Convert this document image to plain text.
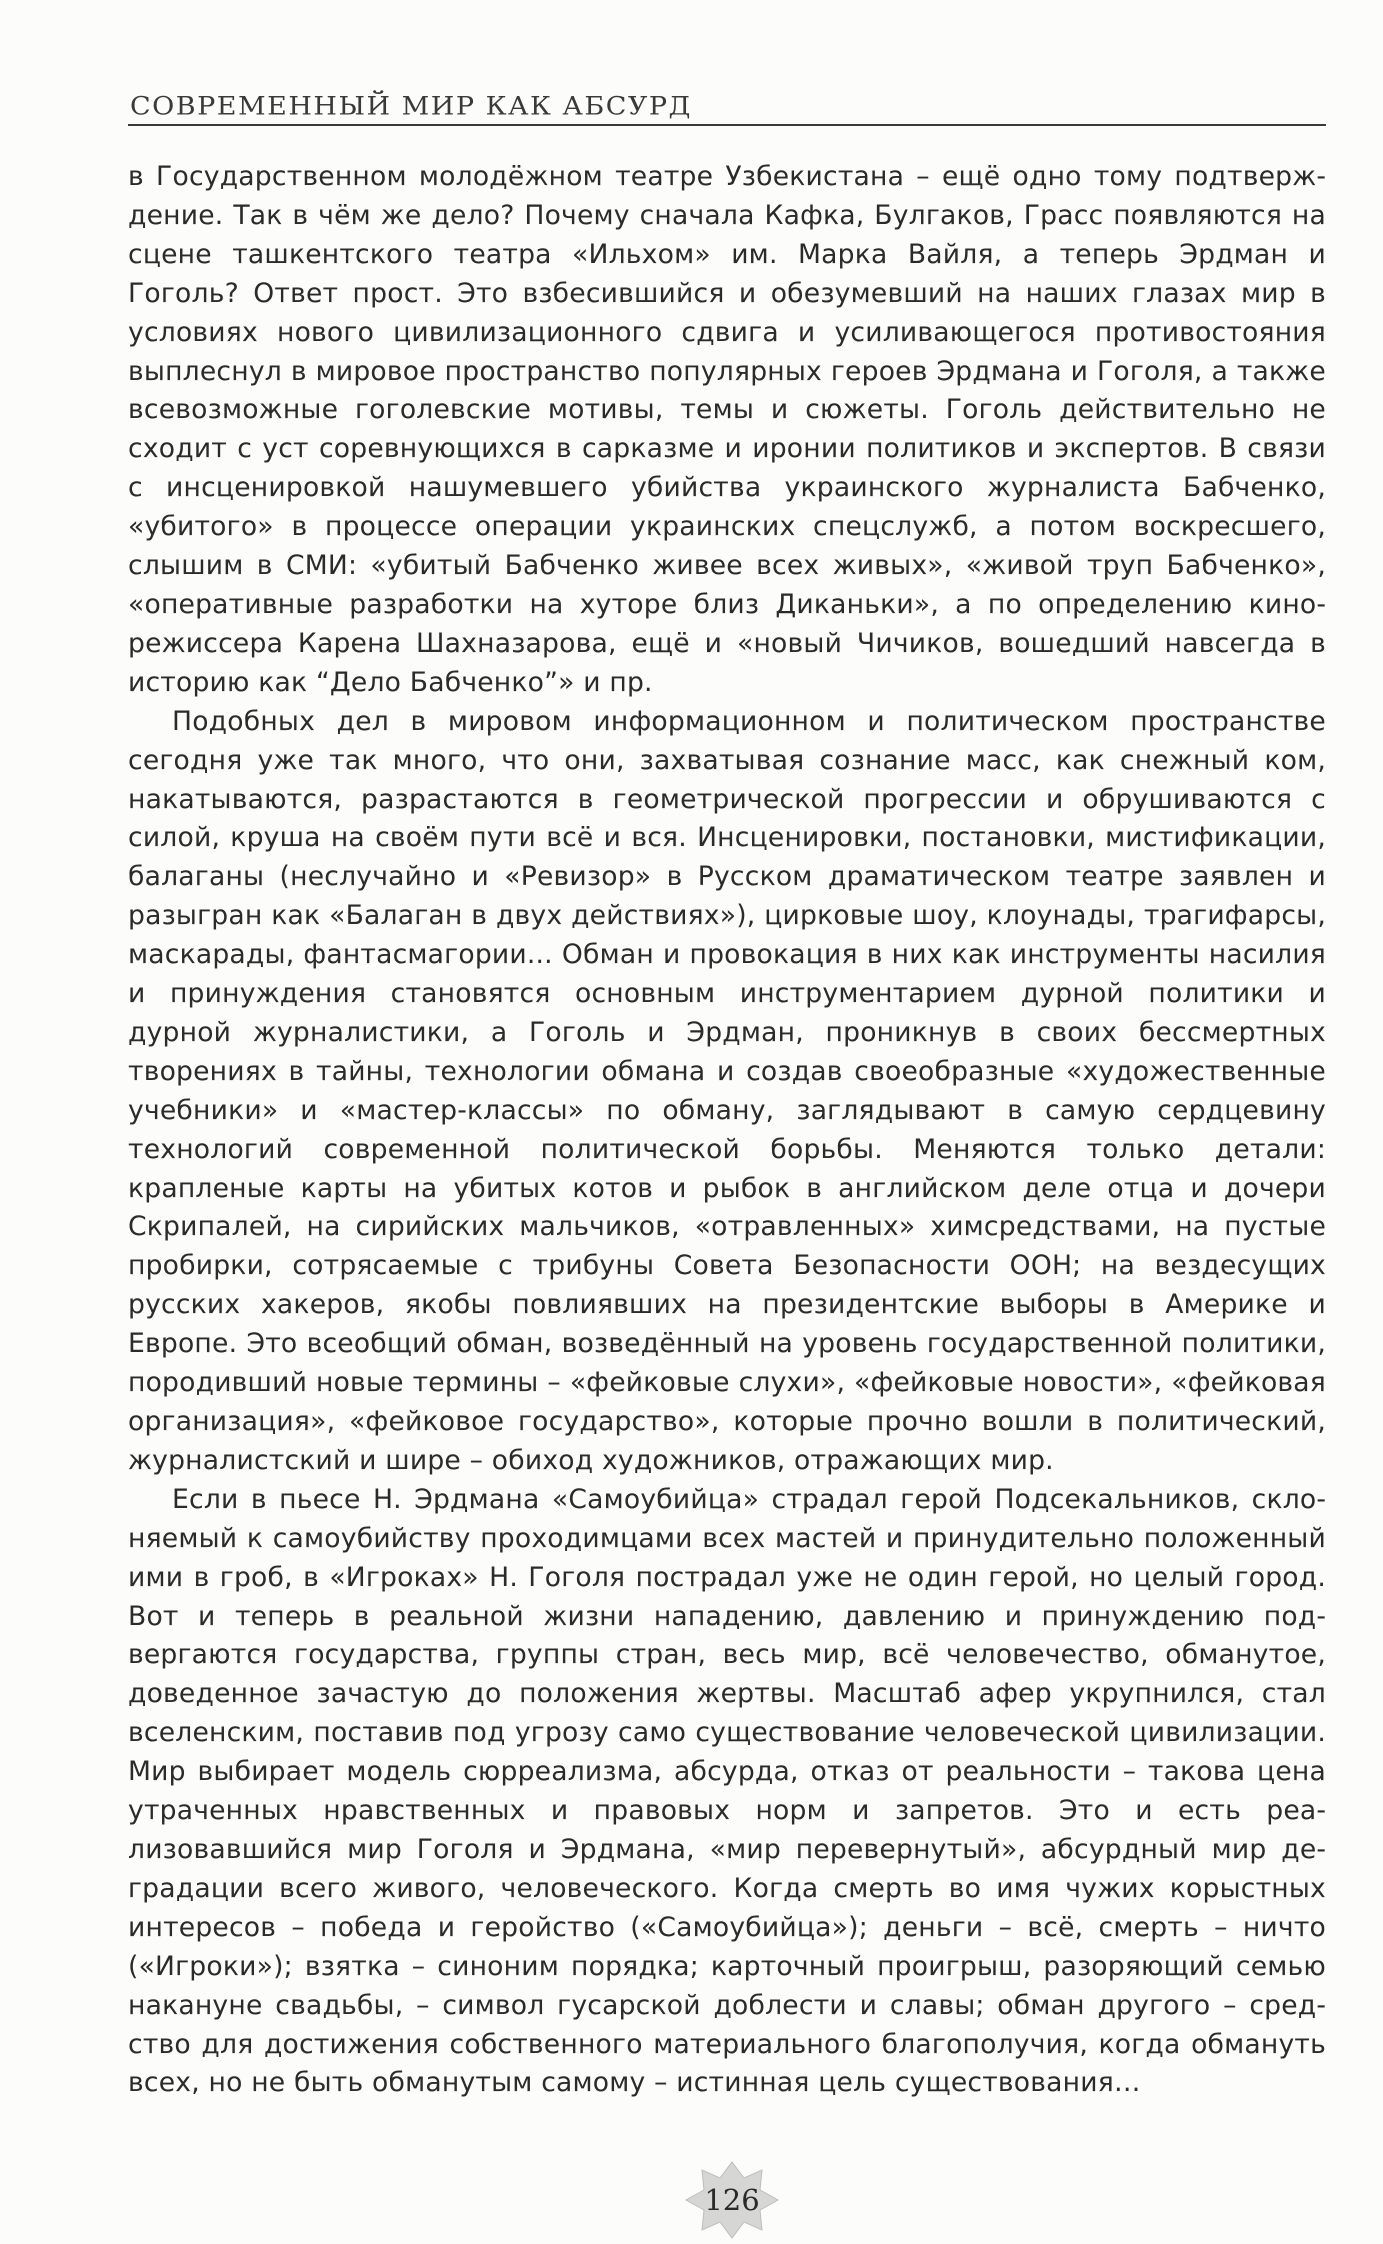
СОВРЕМЕННЫЙ МИР КАК АБСУРД

в Государственном молодёжном театре Узбекистана – ещё одно тому подтверждение. Так в чём же дело? Почему сначала Кафка, Булгаков, Грасс появляются на сцене ташкентского театра «Ильхом» им. Марка Вайля, а теперь Эрдман и Гоголь? Ответ прост. Это взбесившийся и обезумевший на наших глазах мир в условиях нового цивилизационного сдвига и усиливающегося противостояния выплеснул в мировое пространство популярных героев Эрдмана и Гоголя, а также всевозможные гоголевские мотивы, темы и сюжеты. Гоголь действительно не сходит с уст соревнующихся в сарказме и иронии политиков и экспертов. В связи с инсценировкой нашумевшего убийства украинского журналиста Бабченко, «убитого» в процессе операции украинских спецслужб, а потом воскресшего, слышим в СМИ: «убитый Бабченко живее всех живых», «живой труп Бабченко», «оперативные разработки на хуторе близ Диканьки», а по определению кинорежиссера Карена Шахназарова, ещё и «новый Чичиков, вошедший навсегда в историю как “Дело Бабченко”» и пр.

Подобных дел в мировом информационном и политическом пространстве сегодня уже так много, что они, захватывая сознание масс, как снежный ком, накатываются, разрастаются в геометрической прогрессии и обрушиваются с силой, круша на своём пути всё и вся. Инсценировки, постановки, мистификации, балаганы (неслучайно и «Ревизор» в Русском драматическом театре заявлен и разыгран как «Балаган в двух действиях»), цирковые шоу, клоунады, трагифарсы, маскарады, фантасмагории... Обман и провокация в них как инструменты насилия и принуждения становятся основным инструментарием дурной политики и дурной журналистики, а Гоголь и Эрдман, проникнув в своих бессмертных творениях в тайны, технологии обмана и создав своеобразные «художественные учебники» и «мастер-классы» по обману, заглядывают в самую сердцевину технологий современной политической борьбы. Меняются только детали: крапленые карты на убитых котов и рыбок в английском деле отца и дочери Скрипалей, на сирийских мальчиков, «отравленных» химсредствами, на пустые пробирки, сотрясаемые с трибуны Совета Безопасности ООН; на вездесущих русских хакеров, якобы повлиявших на президентские выборы в Америке и Европе. Это всеобщий обман, возведённый на уровень государственной политики, породивший новые термины – «фейковые слухи», «фейковые новости», «фейковая организация», «фейковое государство», которые прочно вошли в политический, журналистский и шире – обиход художников, отражающих мир.

Если в пьесе Н. Эрдмана «Самоубийца» страдал герой Подсекальников, склоняемый к самоубийству проходимцами всех мастей и принудительно положенный ими в гроб, в «Игроках» Н. Гоголя пострадал уже не один герой, но целый город. Вот и теперь в реальной жизни нападению, давлению и принуждению подвергаются государства, группы стран, весь мир, всё человечество, обманутое, доведенное зачастую до положения жертвы. Масштаб афер укрупнился, стал вселенским, поставив под угрозу само существование человеческой цивилизации. Мир выбирает модель сюрреализма, абсурда, отказ от реальности – такова цена утраченных нравственных и правовых норм и запретов. Это и есть реализовавшийся мир Гоголя и Эрдмана, «мир перевернутый», абсурдный мир деградации всего живого, человеческого. Когда смерть во имя чужих корыстных интересов – победа и геройство («Самоубийца»); деньги – всё, смерть – ничто («Игроки»); взятка – синоним порядка; карточный проигрыш, разоряющий семью накануне свадьбы, – символ гусарской доблести и славы; обман другого – средство для достижения собственного материального благополучия, когда обмануть всех, но не быть обманутым самому – истинная цель существования…

126
